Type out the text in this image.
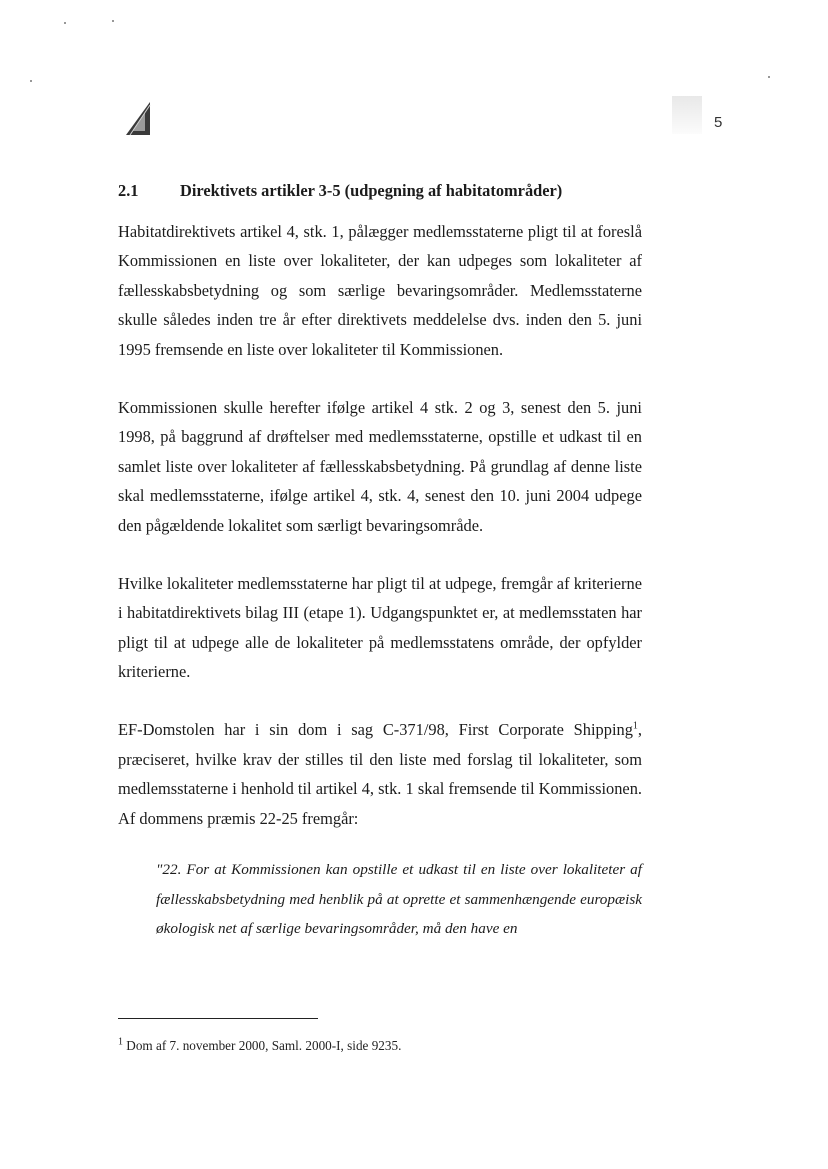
5
2.1	Direktivets artikler 3-5 (udpegning af habitatområder)

Habitatdirektivets artikel 4, stk. 1, pålægger medlemsstaterne pligt til at foreslå Kommissionen en liste over lokaliteter, der kan udpeges som lokaliteter af fællesskabsbetydning og som særlige bevaringsområder. Medlemsstaterne skulle således inden tre år efter direktivets meddelelse dvs. inden den 5. juni 1995 fremsende en liste over lokaliteter til Kommissionen.

Kommissionen skulle herefter ifølge artikel 4 stk. 2 og 3, senest den 5. juni 1998, på baggrund af drøftelser med medlemsstaterne, opstille et udkast til en samlet liste over lokaliteter af fællesskabsbetydning. På grundlag af denne liste skal medlemsstaterne, ifølge artikel 4, stk. 4, senest den 10. juni 2004 udpege den pågældende lokalitet som særligt bevaringsområde.

Hvilke lokaliteter medlemsstaterne har pligt til at udpege, fremgår af kriterierne i habitatdirektivets bilag III (etape 1). Udgangspunktet er, at medlemsstaten har pligt til at udpege alle de lokaliteter på medlemsstatens område, der opfylder kriterierne.

EF-Domstolen har i sin dom i sag C-371/98, First Corporate Shipping$^1$, præciseret, hvilke krav der stilles til den liste med forslag til lokaliteter, som medlemsstaterne i henhold til artikel 4, stk. 1 skal fremsende til Kommissionen. Af dommens præmis 22-25 fremgår:

"22. For at Kommissionen kan opstille et udkast til en liste over lokaliteter af fællesskabsbetydning med henblik på at oprette et sammenhængende europæisk økologisk net af særlige bevaringsområder, må den have en

$^1$ Dom af 7. november 2000, Saml. 2000-I, side 9235.
